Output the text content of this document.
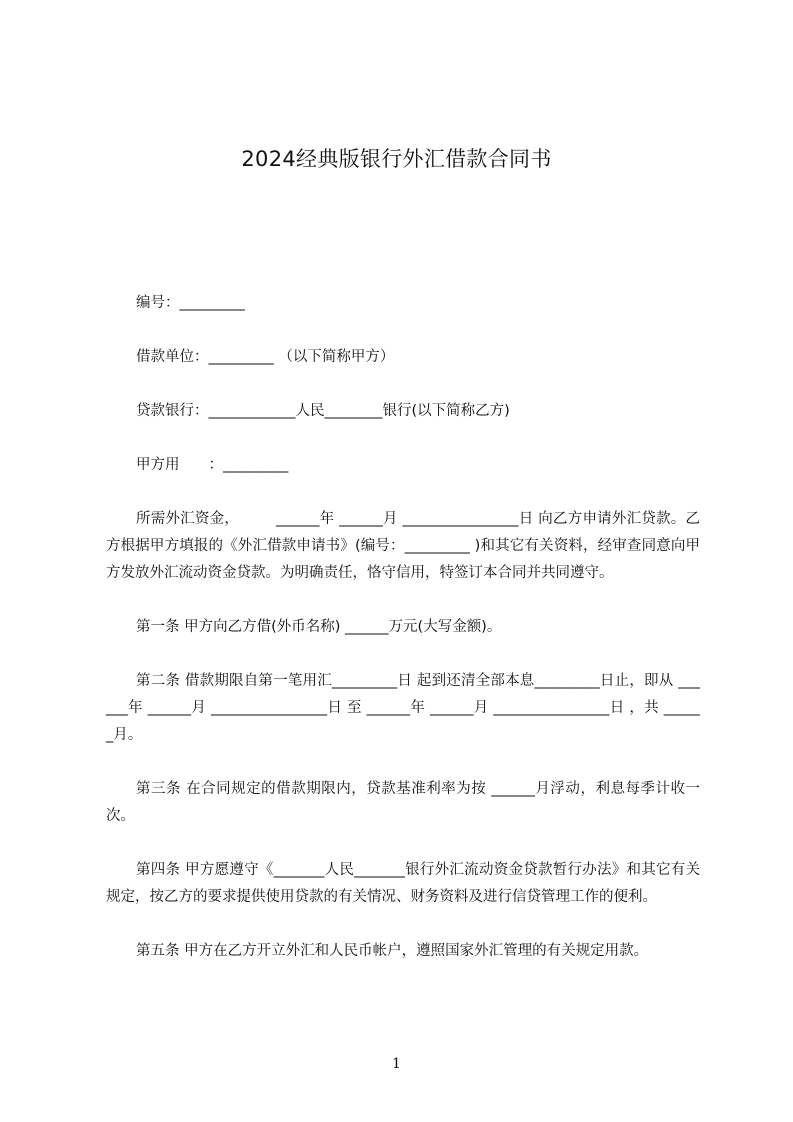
2024经典版银行外汇借款合同书

编号：_________

借款单位：_________ （以下简称甲方）

贷款银行：____________人民________银行(以下简称乙方)

甲方用　　：_________

所需外汇资金，　　　______年 ______月 ________________日 向乙方申请外汇贷款。乙方根据甲方填报的《外汇借款申请书》(编号：_________ )和其它有关资料，经审查同意向甲方发放外汇流动资金贷款。为明确责任，恪守信用，特签订本合同并共同遵守。

第一条 甲方向乙方借(外币名称) ______万元(大写金额)。

第二条 借款期限自第一笔用汇_________日 起到还清全部本息_________日止，即从 ______年 ______月 ________________日 至 ______年 ______月 ________________日 ，共 ______月。

第三条 在合同规定的借款期限内，贷款基准利率为按 ______月浮动，利息每季计收一次。

第四条 甲方愿遵守《_______人民_______银行外汇流动资金贷款暂行办法》和其它有关规定，按乙方的要求提供使用贷款的有关情况、财务资料及进行信贷管理工作的便利。

第五条 甲方在乙方开立外汇和人民币帐户，遵照国家外汇管理的有关规定用款。

1
